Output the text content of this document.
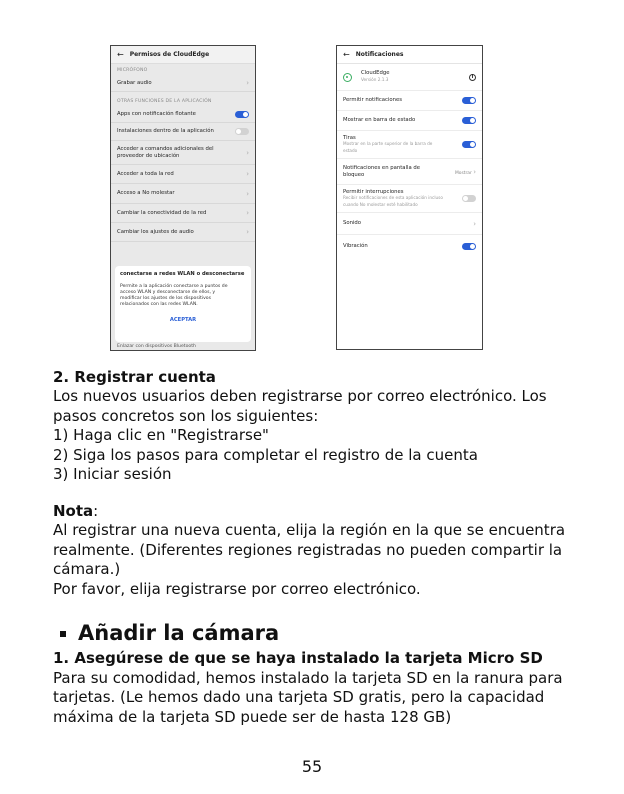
← Permisos de CloudEdge
MICRÓFONO
Grabar audio	›
OTRAS FUNCIONES DE LA APLICACIÓN
Apps con notificación flotante
Instalaciones dentro de la aplicación
Acceder a comandos adicionales del proveedor de ubicación	›
Acceder a toda la red	›
Acceso a No molestar	›
Cambiar la conectividad de la red	›
Cambiar los ajustes de audio	›
conectarse a redes WLAN o desconectarse
Permite a la aplicación conectarse a puntos de acceso WLAN y desconectarse de ellos, y modificar los ajustes de los dispositivos relacionados con las redes WLAN.
ACEPTAR
Enlazar con dispositivos Bluetooth
← Notificaciones
CloudEdge
Versión 2.1.3	i
Permitir notificaciones
Mostrar en barra de estado
Tiras
Mostrar en la parte superior de la barra de estado
Notificaciones en pantalla de bloqueo	Mostrar ›
Permitir interrupciones
Recibir notificaciones de esta aplicación incluso cuando No molestar esté habilitado
Sonido	›
Vibración
2. Registrar cuenta
Los nuevos usuarios deben registrarse por correo electrónico. Los pasos concretos son los siguientes:
1) Haga clic en "Registrarse"
2) Siga los pasos para completar el registro de la cuenta
3) Iniciar sesión
Nota:
Al registrar una nueva cuenta, elija la región en la que se encuentra realmente. (Diferentes regiones registradas no pueden compartir la cámara.)
Por favor, elija registrarse por correo electrónico.
Añadir la cámara
1. Asegúrese de que se haya instalado la tarjeta Micro SD
Para su comodidad, hemos instalado la tarjeta SD en la ranura para tarjetas. (Le hemos dado una tarjeta SD gratis, pero la capacidad máxima de la tarjeta SD puede ser de hasta 128 GB)
55
